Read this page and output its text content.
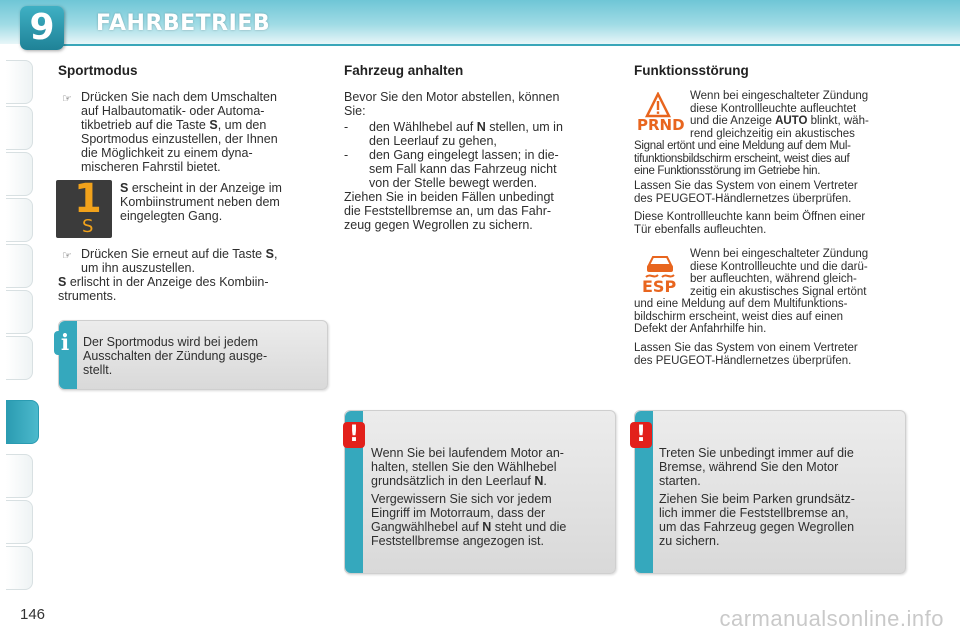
9	FAHRBETRIEB
Sportmodus
☞ Drücken Sie nach dem Umschalten
auf Halbautomatik- oder Automa-
tikbetrieb auf die Taste S, um den
Sportmodus einzustellen, der Ihnen
die Möglichkeit zu einem dyna-
mischeren Fahrstil bietet.
1
S
S erscheint in der Anzeige im
Kombiinstrument neben dem
eingelegten Gang.
☞ Drücken Sie erneut auf die Taste S,
um ihn auszustellen.
S erlischt in der Anzeige des Kombiin-
struments.
Der Sportmodus wird bei jedem
Ausschalten der Zündung ausge-
stellt.
i
Fahrzeug anhalten
Bevor Sie den Motor abstellen, können
Sie:
-	den Wählhebel auf N stellen, um in
den Leerlauf zu gehen,
-	den Gang eingelegt lassen; in die-
sem Fall kann das Fahrzeug nicht
von der Stelle bewegt werden.
Ziehen Sie in beiden Fällen unbedingt
die Feststellbremse an, um das Fahr-
zeug gegen Wegrollen zu sichern.
Wenn Sie bei laufendem Motor an-
halten, stellen Sie den Wählhebel
grundsätzlich in den Leerlauf N.
Vergewissern Sie sich vor jedem
Eingriff im Motorraum, dass der
Gangwählhebel auf N steht und die
Feststellbremse angezogen ist.
!
Funktionsstörung
PRND
Wenn bei eingeschalteter Zündung
diese Kontrollleuchte aufleuchtet
und die Anzeige AUTO blinkt, wäh-
rend gleichzeitig ein akustisches
Signal ertönt und eine Meldung auf dem Mul-
tifunktionsbildschirm erscheint, weist dies auf
eine Funktionsstörung im Getriebe hin.
Lassen Sie das System von einem Vertreter
des PEUGEOT-Händlernetzes überprüfen.
Diese Kontrollleuchte kann beim Öffnen einer
Tür ebenfalls aufleuchten.
ESP
Wenn bei eingeschalteter Zündung
diese Kontrollleuchte und die darü-
ber aufleuchten, während gleich-
zeitig ein akustisches Signal ertönt
und eine Meldung auf dem Multifunktions-
bildschirm erscheint, weist dies auf einen
Defekt der Anfahrhilfe hin.
Lassen Sie das System von einem Vertreter
des PEUGEOT-Händlernetzes überprüfen.
Treten Sie unbedingt immer auf die
Bremse, während Sie den Motor
starten.
Ziehen Sie beim Parken grundsätz-
lich immer die Feststellbremse an,
um das Fahrzeug gegen Wegrollen
zu sichern.
!
146	carmanualsonline.info
